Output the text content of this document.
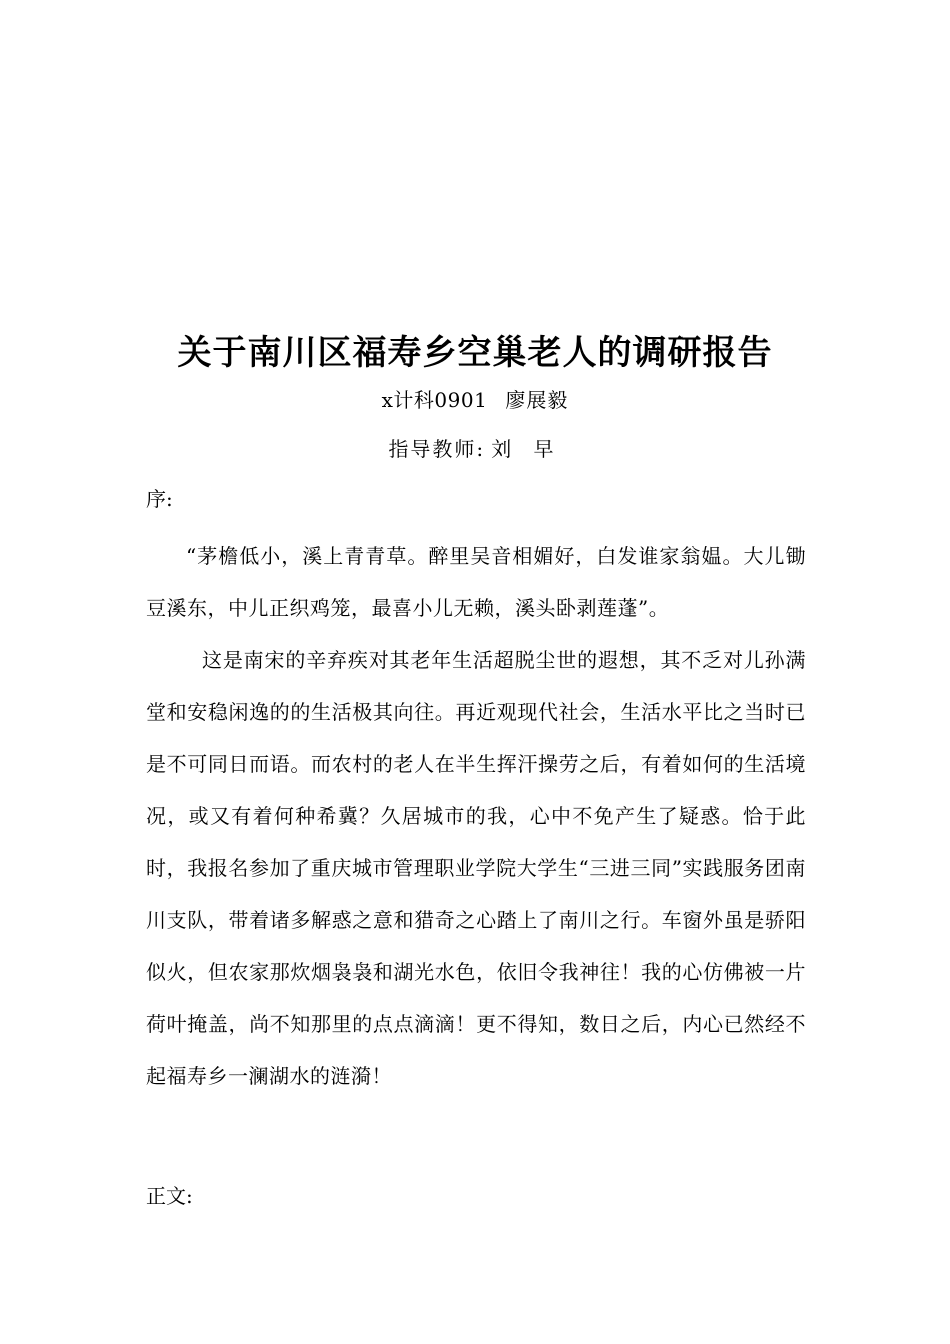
关于南川区福寿乡空巢老人的调研报告
x计科0901 廖展毅
指导教师: 刘 早
序:
“茅檐低小，溪上青青草。醉里吴音相媚好，白发谁家翁媪。大儿锄豆溪东，中儿正织鸡笼，最喜小儿无赖，溪头卧剥莲蓬”。
这是南宋的辛弃疾对其老年生活超脱尘世的遐想，其不乏对儿孙满堂和安稳闲逸的的生活极其向往。再近观现代社会，生活水平比之当时已是不可同日而语。而农村的老人在半生挥汗操劳之后，有着如何的生活境况，或又有着何种希冀？久居城市的我，心中不免产生了疑惑。恰于此时，我报名参加了重庆城市管理职业学院大学生“三进三同”实践服务团南川支队，带着诸多解惑之意和猎奇之心踏上了南川之行。车窗外虽是骄阳似火，但农家那炊烟袅袅和湖光水色，依旧令我神往！我的心仿佛被一片荷叶掩盖，尚不知那里的点点滴滴！更不得知，数日之后，内心已然经不起福寿乡一澜湖水的涟漪！
正文:
